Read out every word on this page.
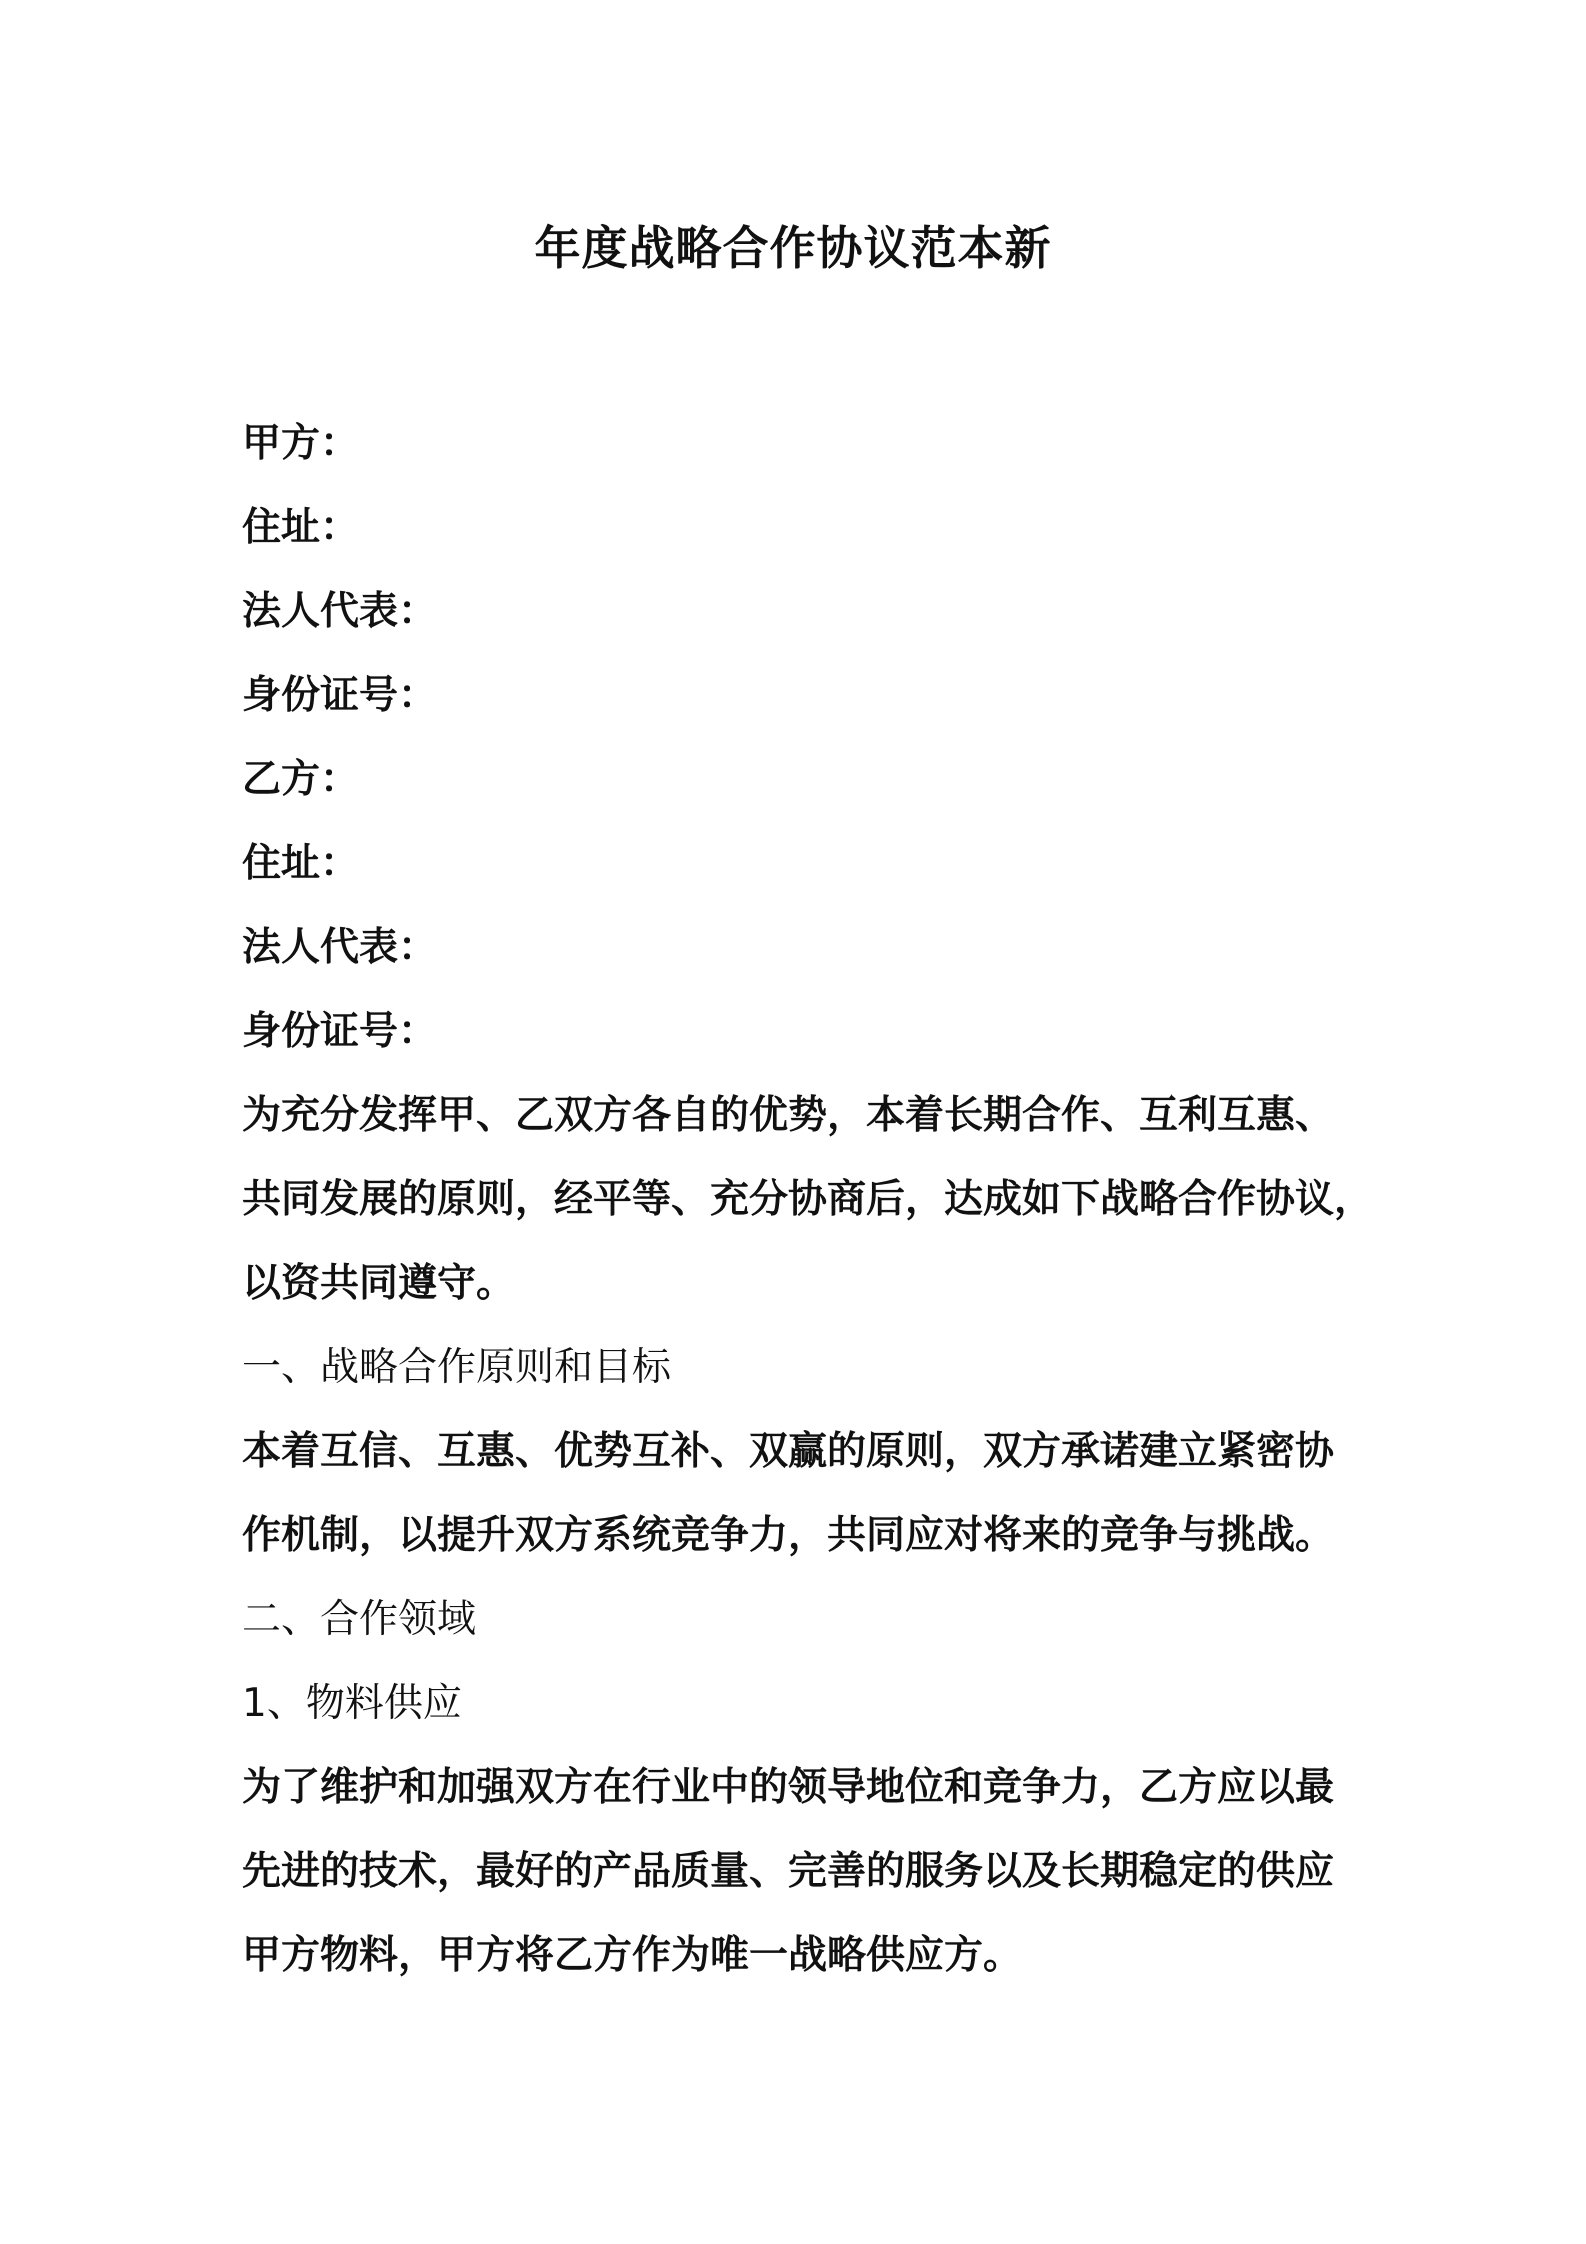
年度战略合作协议范本新
甲方：
住址：
法人代表：
身份证号：
乙方：
住址：
法人代表：
身份证号：
为充分发挥甲、乙双方各自的优势，本着长期合作、互利互惠、
共同发展的原则，经平等、充分协商后，达成如下战略合作协议，
以资共同遵守。
一、战略合作原则和目标
本着互信、互惠、优势互补、双赢的原则，双方承诺建立紧密协
作机制，以提升双方系统竞争力，共同应对将来的竞争与挑战。
二、合作领域
1、物料供应
为了维护和加强双方在行业中的领导地位和竞争力，乙方应以最
先进的技术，最好的产品质量、完善的服务以及长期稳定的供应
甲方物料，甲方将乙方作为唯一战略供应方。
